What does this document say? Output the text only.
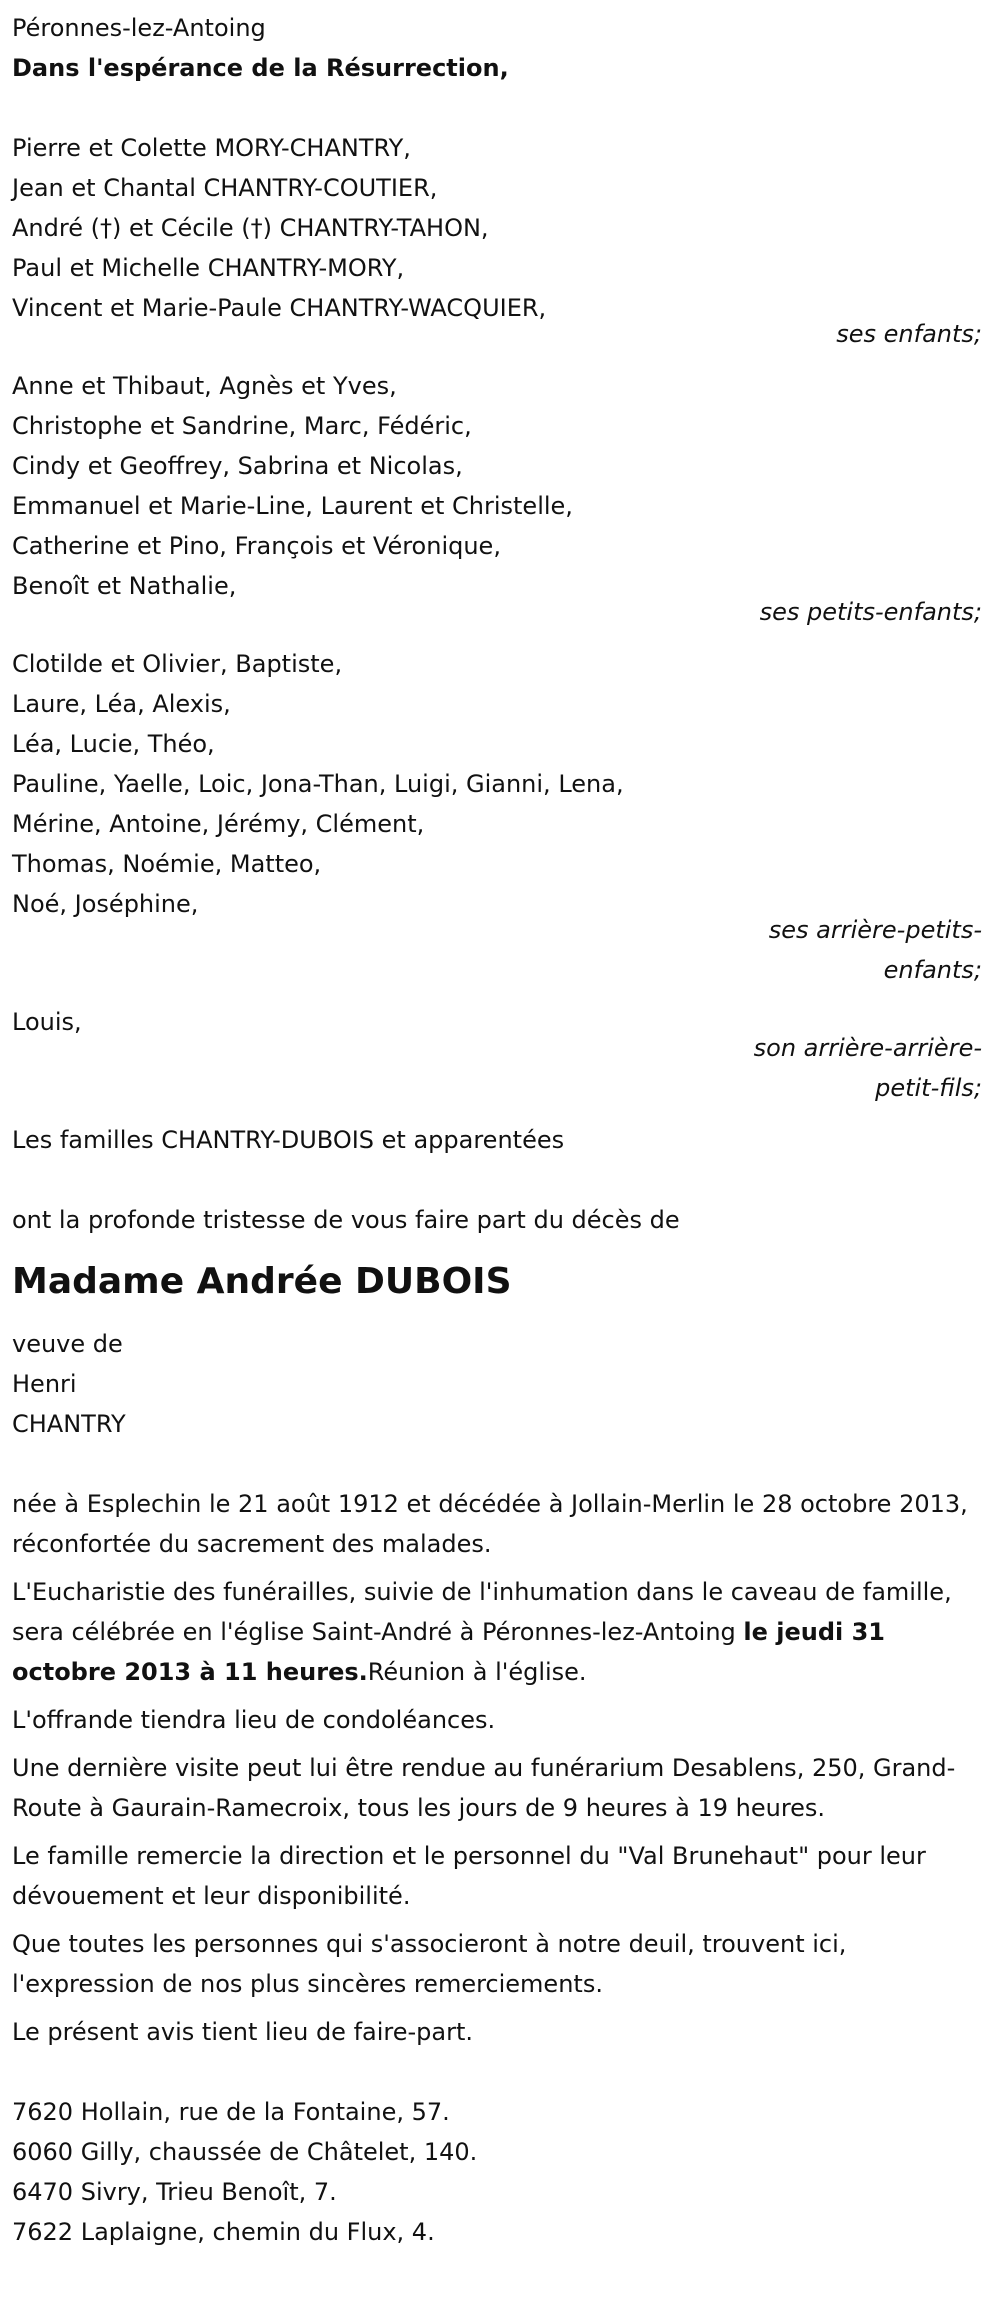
Péronnes-lez-Antoing
Dans l'espérance de la Résurrection,
Pierre et Colette MORY-CHANTRY,
Jean et Chantal CHANTRY-COUTIER,
André (†) et Cécile (†) CHANTRY-TAHON,
Paul et Michelle CHANTRY-MORY,
Vincent et Marie-Paule CHANTRY-WACQUIER,
ses enfants;
Anne et Thibaut, Agnès et Yves,
Christophe et Sandrine, Marc, Fédéric,
Cindy et Geoffrey, Sabrina et Nicolas,
Emmanuel et Marie-Line, Laurent et Christelle,
Catherine et Pino, François et Véronique,
Benoît et Nathalie,
ses petits-enfants;
Clotilde et Olivier, Baptiste,
Laure, Léa, Alexis,
Léa, Lucie, Théo,
Pauline, Yaelle, Loic, Jona-Than, Luigi, Gianni, Lena,
Mérine, Antoine, Jérémy, Clément,
Thomas, Noémie, Matteo,
Noé, Joséphine,
ses arrière-petits-enfants;
Louis,
son arrière-arrière-petit-fils;
Les familles CHANTRY-DUBOIS et apparentées
ont la profonde tristesse de vous faire part du décès de
Madame Andrée DUBOIS
veuve de
Henri
CHANTRY
née à Esplechin le 21 août 1912 et décédée à Jollain-Merlin le 28 octobre 2013, réconfortée du sacrement des malades.
L'Eucharistie des funérailles, suivie de l'inhumation dans le caveau de famille, sera célébrée en l'église Saint-André à Péronnes-lez-Antoing le jeudi 31 octobre 2013 à 11 heures.Réunion à l'église.
L'offrande tiendra lieu de condoléances.
Une dernière visite peut lui être rendue au funérarium Desablens, 250, Grand-Route à Gaurain-Ramecroix, tous les jours de 9 heures à 19 heures.
Le famille remercie la direction et le personnel du "Val Brunehaut" pour leur dévouement et leur disponibilité.
Que toutes les personnes qui s'associeront à notre deuil, trouvent ici, l'expression de nos plus sincères remerciements.
Le présent avis tient lieu de faire-part.
7620 Hollain, rue de la Fontaine, 57.
6060 Gilly, chaussée de Châtelet, 140.
6470 Sivry, Trieu Benoît, 7.
7622 Laplaigne, chemin du Flux, 4.
